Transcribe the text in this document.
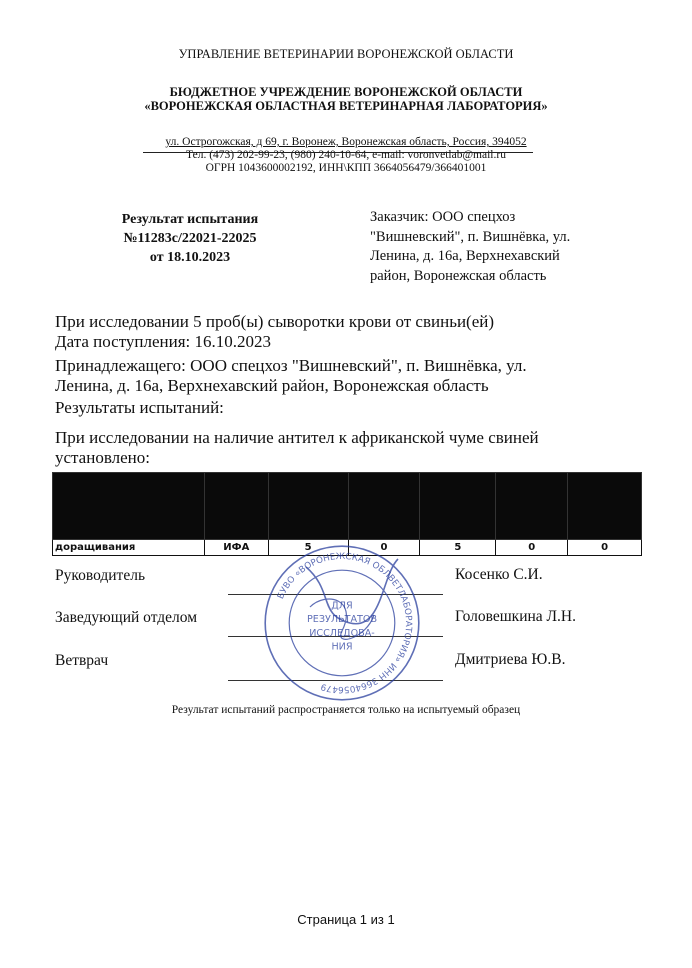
УПРАВЛЕНИЕ ВЕТЕРИНАРИИ ВОРОНЕЖСКОЙ ОБЛАСТИ
БЮДЖЕТНОЕ УЧРЕЖДЕНИЕ ВОРОНЕЖСКОЙ ОБЛАСТИ
«ВОРОНЕЖСКАЯ ОБЛАСТНАЯ ВЕТЕРИНАРНАЯ ЛАБОРАТОРИЯ»
ул. Острогожская, д 69, г. Воронеж, Воронежская область, Россия, 394052
Тел. (473) 202-99-23, (980) 240-10-64, e-mail: voronvetlab@mail.ru
ОГРН 1043600002192, ИНН\КПП 3664056479/366401001
Результат испытания
№11283с/22021-22025
от 18.10.2023
Заказчик: ООО спецхоз
"Вишневский", п. Вишнёвка, ул.
Ленина, д. 16а, Верхнехавский
район, Воронежская область
При исследовании 5 проб(ы) сыворотки крови от свиньи(ей)
Дата поступления: 16.10.2023
Принадлежащего: ООО спецхоз "Вишневский", п. Вишнёвка, ул.
Ленина, д. 16а, Верхнехавский район, Воронежская область
Результаты испытаний:
При исследовании на наличие антител к африканской чуме свиней
установлено:

доращивания	ИФА	5	0	5	0	0
Руководитель	Косенко С.И.
Заведующий отделом	Головешкина Л.Н.
Ветврач	Дмитриева Ю.В.
БУВО «ВОРОНЕЖСКАЯ ОБЛВЕТЛАБОРАТОРИЯ» ИНН 3664056479
ДЛЯ
РЕЗУЛЬТАТОВ
ИССЛЕДОВА-
НИЯ
Результат испытаний распространяется только на испытуемый образец
Страница 1 из 1
